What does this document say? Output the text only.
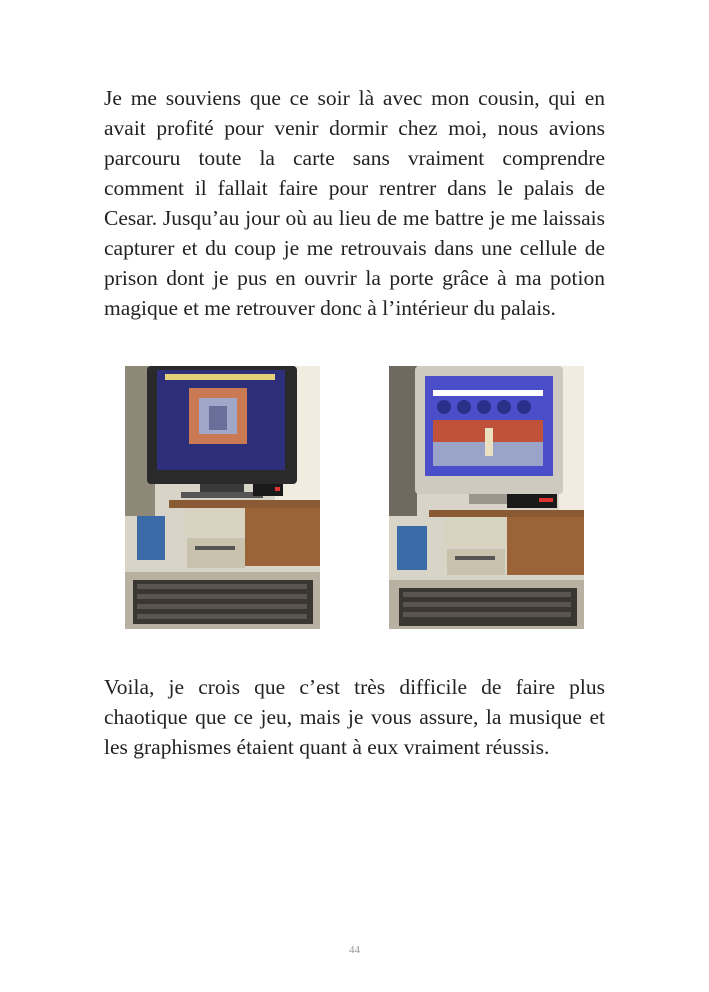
Je me souviens que ce soir là avec mon cousin, qui en avait profité pour venir dormir chez moi, nous avions parcouru toute la carte sans vraiment comprendre comment il fallait faire pour rentrer dans le palais de Cesar. Jusqu’au jour où au lieu de me battre je me laissais capturer et du coup je me retrouvais dans une cellule de prison dont je pus en ouvrir la porte grâce à ma potion magique et me retrouver donc à l’intérieur du palais.

Voila, je crois que c’est très difficile de faire plus chaotique que ce jeu, mais je vous assure, la musique et les graphismes étaient quant à eux vraiment réussis.

44
